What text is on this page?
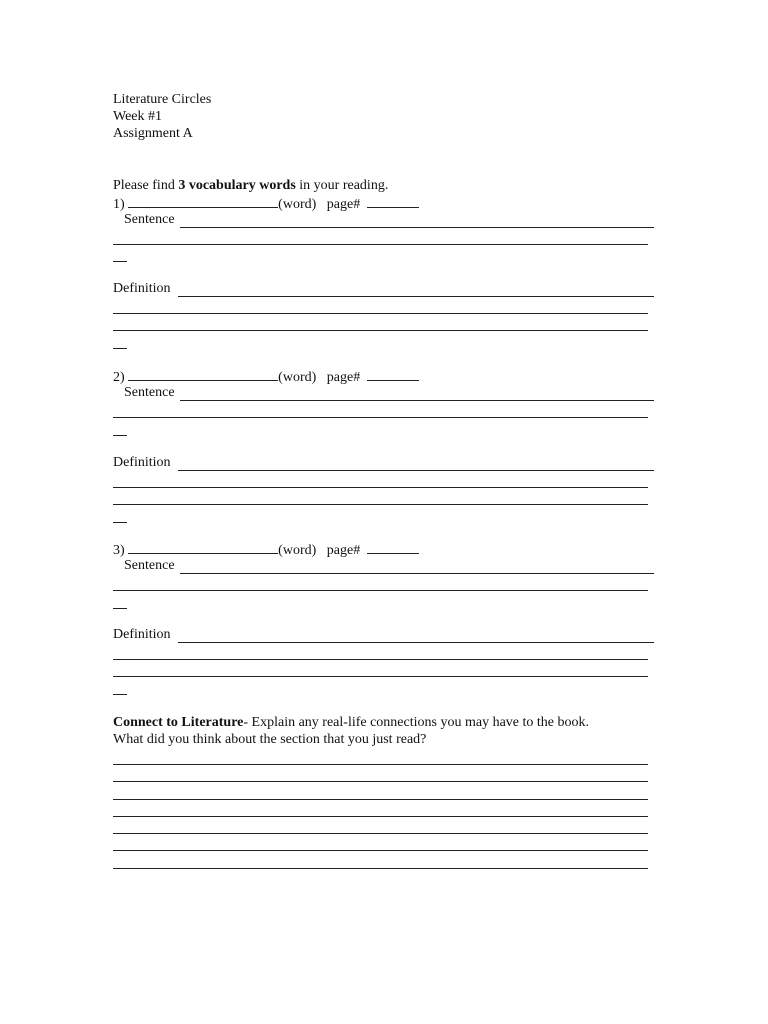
Literature Circles
Week #1
Assignment A
Please find 3 vocabulary words in your reading.
1)	(word) page#
Sentence
Definition
2)	(word) page#
Sentence
Definition
3)	(word) page#
Sentence
Definition
Connect to Literature- Explain any real-life connections you may have to the book.
What did you think about the section that you just read?
